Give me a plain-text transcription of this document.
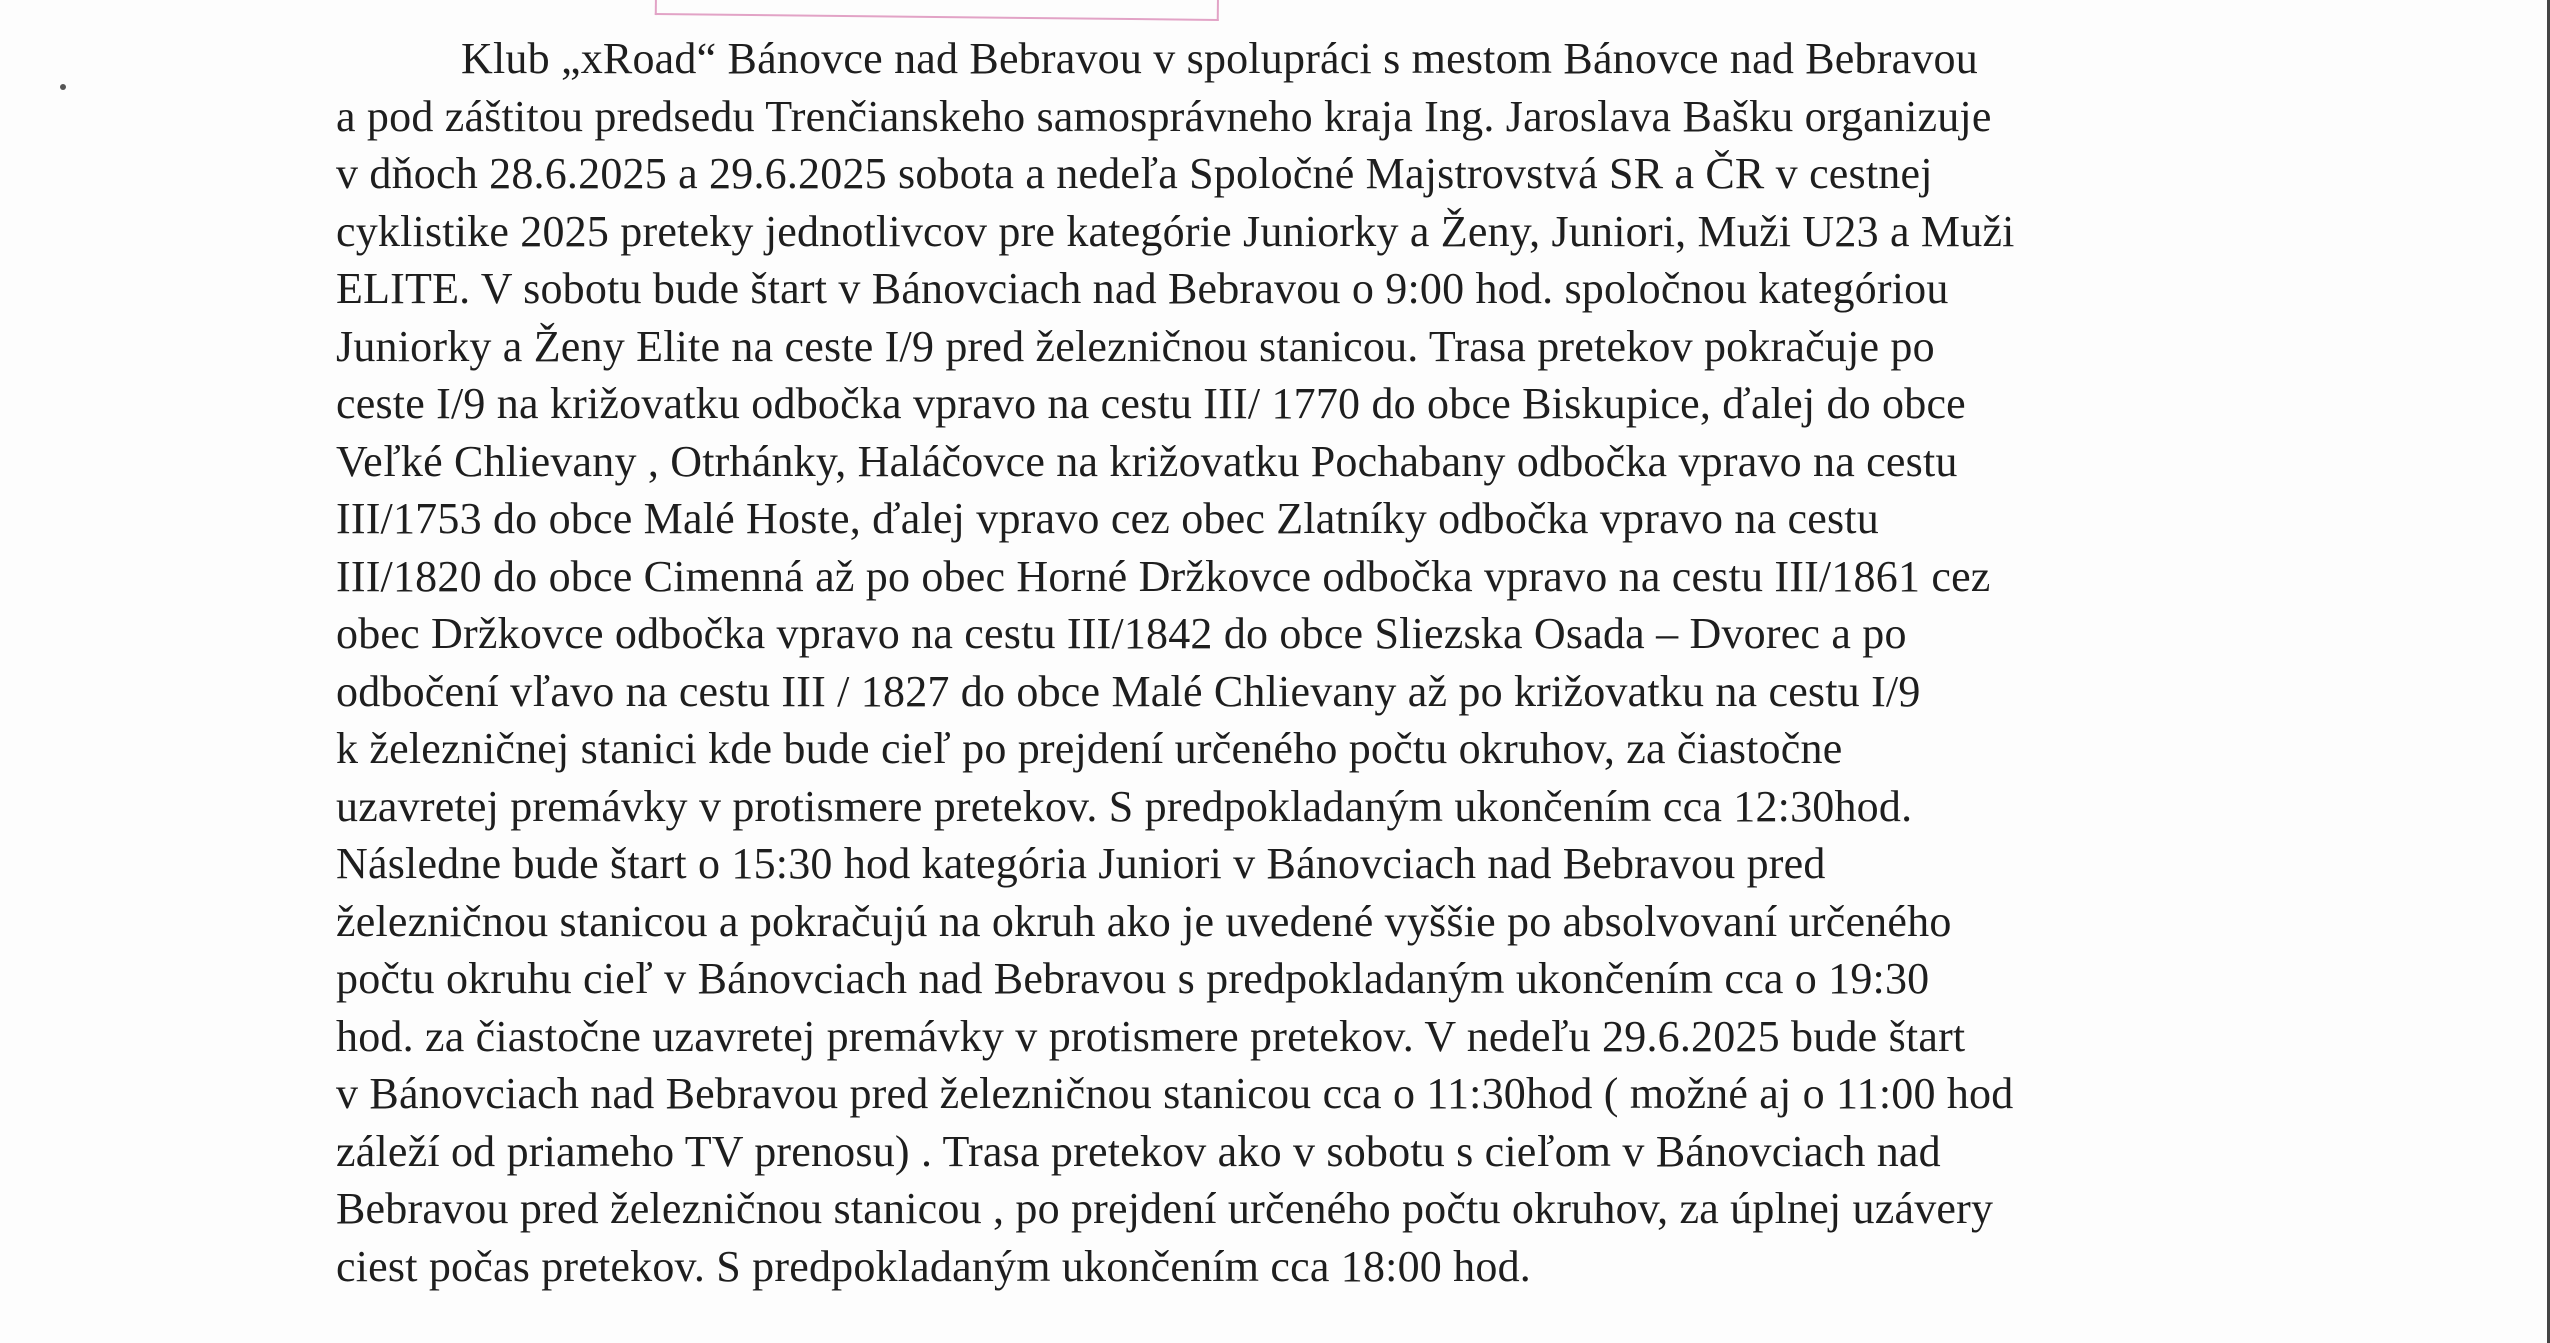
Klub „xRoad“ Bánovce nad Bebravou v spolupráci s mestom Bánovce nad Bebravou
a pod záštitou predsedu Trenčianskeho samosprávneho kraja Ing. Jaroslava Bašku organizuje
v dňoch 28.6.2025 a 29.6.2025 sobota a nedeľa Spoločné Majstrovstvá SR a ČR v cestnej
cyklistike 2025 preteky jednotlivcov pre kategórie Juniorky a Ženy, Juniori, Muži U23 a Muži
ELITE. V sobotu bude štart v Bánovciach nad Bebravou o 9:00 hod. spoločnou kategóriou
Juniorky a Ženy Elite na ceste I/9 pred železničnou stanicou. Trasa pretekov pokračuje po
ceste I/9 na križovatku odbočka vpravo na cestu III/ 1770 do obce Biskupice, ďalej do obce
Veľké Chlievany , Otrhánky, Haláčovce na križovatku Pochabany odbočka vpravo na cestu
III/1753 do obce Malé Hoste, ďalej vpravo cez obec Zlatníky odbočka vpravo na cestu
III/1820 do obce Cimenná až po obec Horné Držkovce odbočka vpravo na cestu III/1861 cez
obec Držkovce odbočka vpravo na cestu III/1842 do obce Sliezska Osada – Dvorec a po
odbočení vľavo na cestu III / 1827 do obce Malé Chlievany až po križovatku na cestu I/9
k železničnej stanici kde bude cieľ po prejdení určeného počtu okruhov, za čiastočne
uzavretej premávky v protismere pretekov. S predpokladaným ukončením cca 12:30hod.
Následne bude štart o 15:30 hod kategória Juniori v Bánovciach nad Bebravou pred
železničnou stanicou a pokračujú na okruh ako je uvedené vyššie po absolvovaní určeného
počtu okruhu cieľ v Bánovciach nad Bebravou s predpokladaným ukončením cca o 19:30
hod. za čiastočne uzavretej premávky v protismere pretekov. V nedeľu 29.6.2025 bude štart
v Bánovciach nad Bebravou pred železničnou stanicou cca o 11:30hod ( možné aj o 11:00 hod
záleží od priameho TV prenosu) . Trasa pretekov ako v sobotu s cieľom v Bánovciach nad
Bebravou pred železničnou stanicou , po prejdení určeného počtu okruhov, za úplnej uzávery
ciest počas pretekov. S predpokladaným ukončením cca 18:00 hod.
